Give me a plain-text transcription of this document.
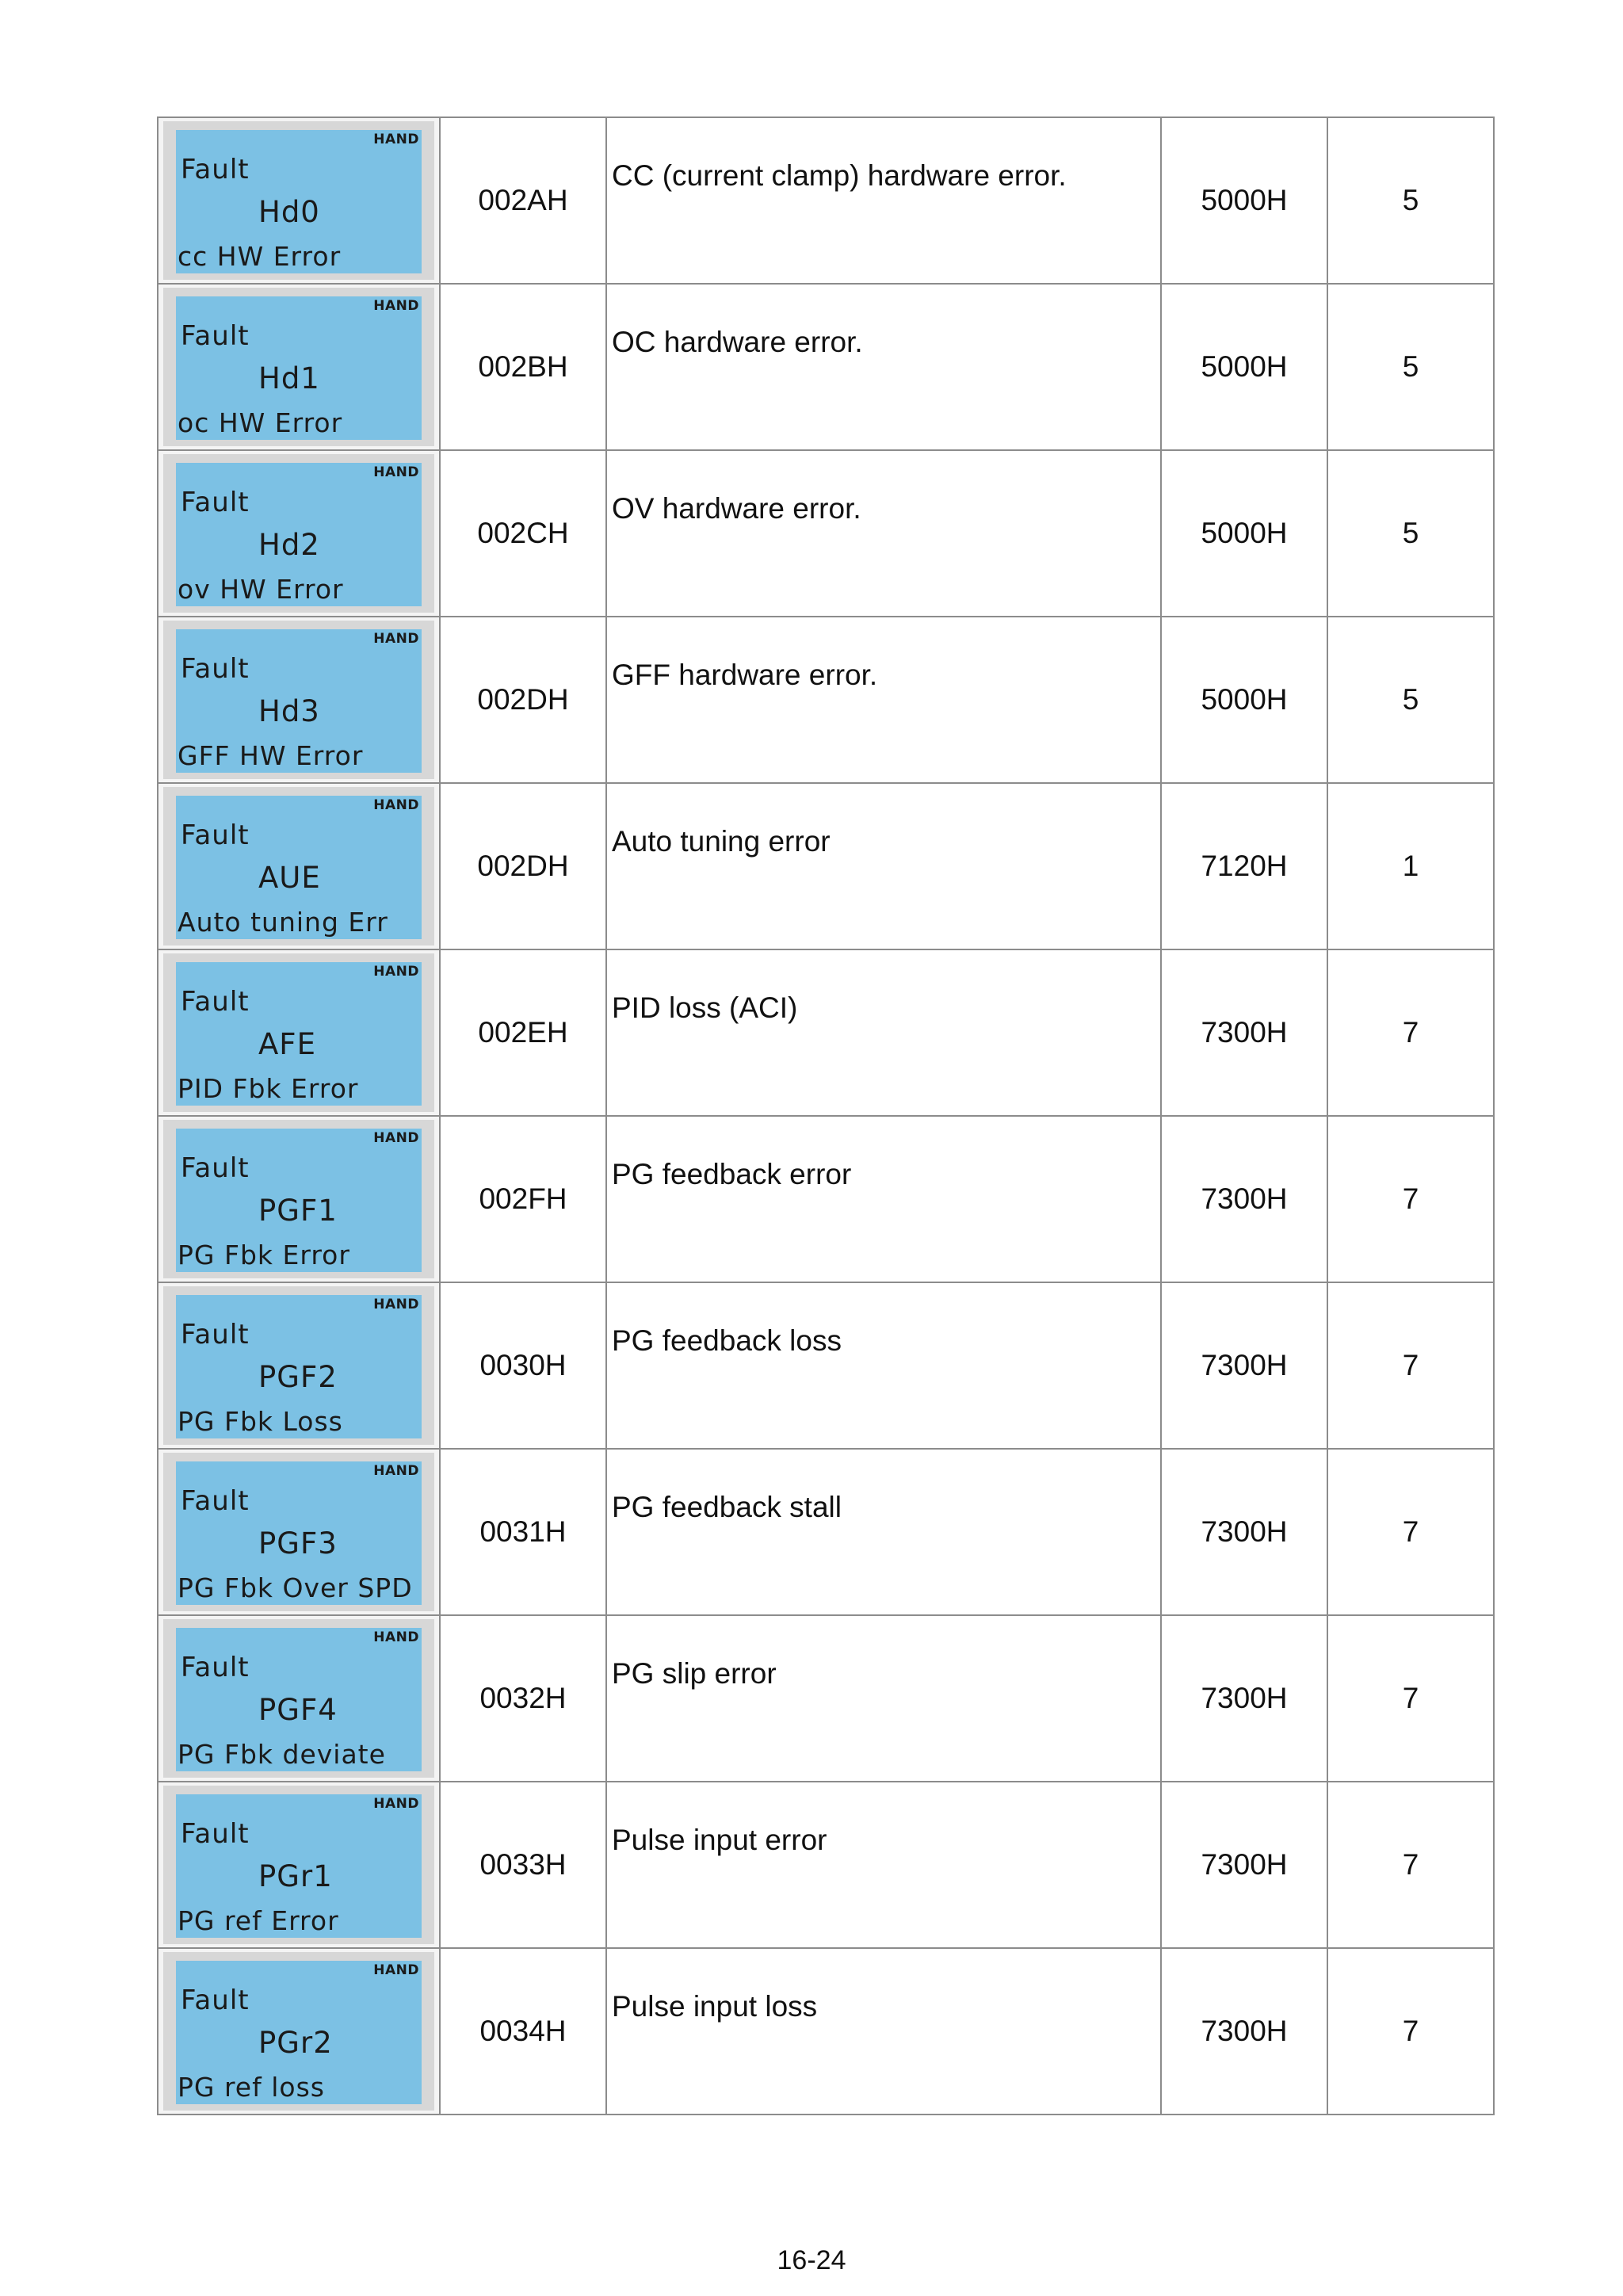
HAND
Fault
Hd0
cc HW Error	002AH	CC (current clamp) hardware error.	5000H	5

HAND
Fault
Hd1
oc HW Error	002BH	OC hardware error.	5000H	5

HAND
Fault
Hd2
ov HW Error	002CH	OV hardware error.	5000H	5

HAND
Fault
Hd3
GFF HW Error	002DH	GFF hardware error.	5000H	5

HAND
Fault
AUE
Auto tuning Err	002DH	Auto tuning error	7120H	1

HAND
Fault
AFE
PID Fbk Error	002EH	PID loss (ACI)	7300H	7

HAND
Fault
PGF1
PG Fbk Error	002FH	PG feedback error	7300H	7

HAND
Fault
PGF2
PG Fbk Loss	0030H	PG feedback loss	7300H	7

HAND
Fault
PGF3
PG Fbk Over SPD	0031H	PG feedback stall	7300H	7

HAND
Fault
PGF4
PG Fbk deviate	0032H	PG slip error	7300H	7

HAND
Fault
PGr1
PG ref Error	0033H	Pulse input error	7300H	7

HAND
Fault
PGr2
PG ref loss	0034H	Pulse input loss	7300H	7
16-24
